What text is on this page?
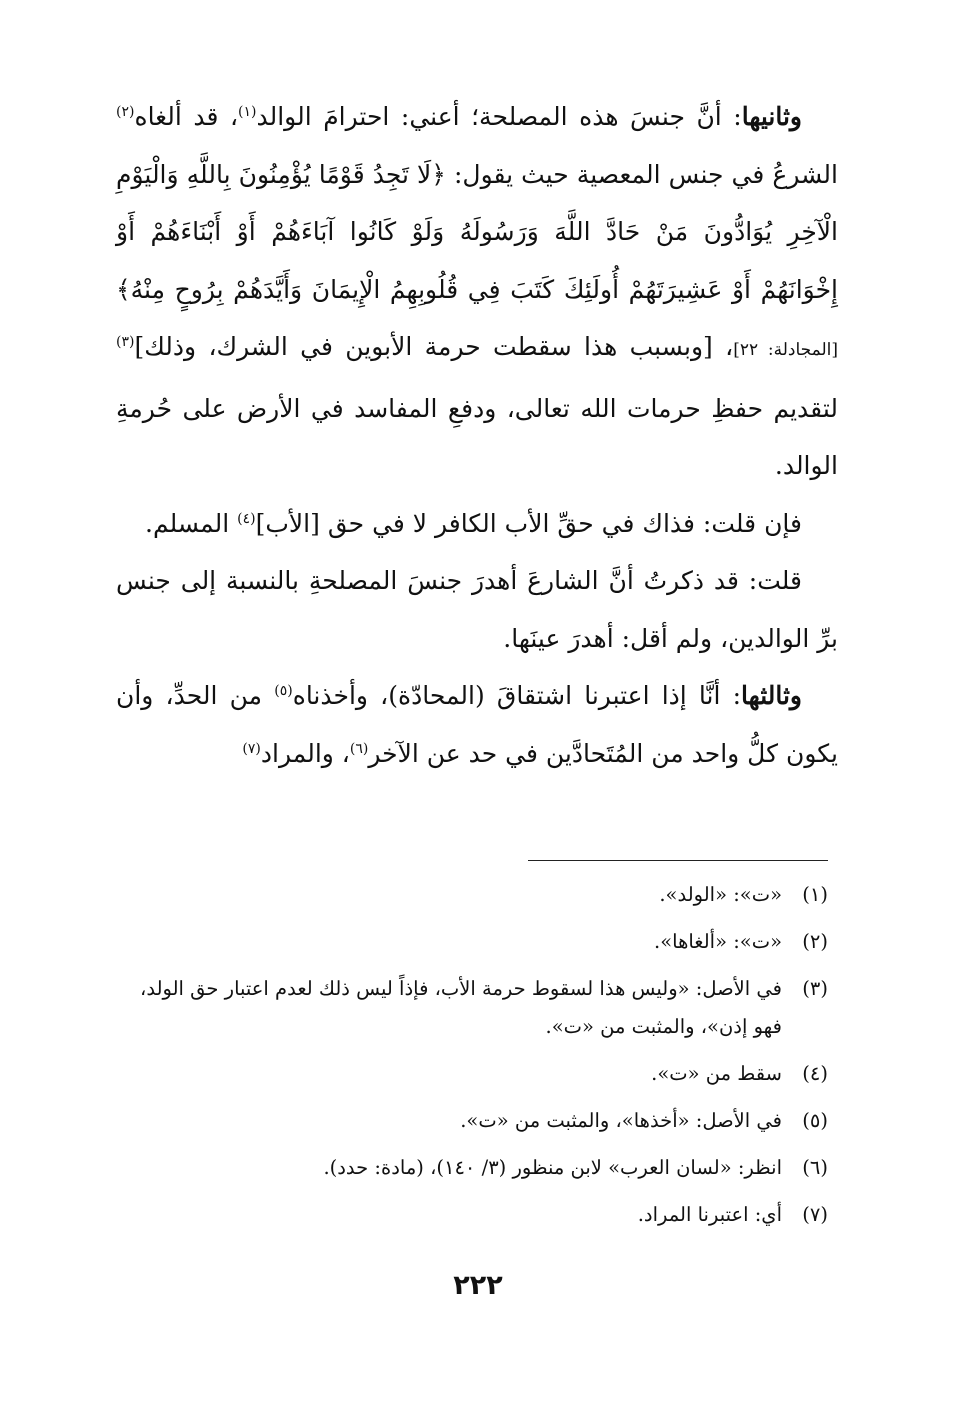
وثانيها: أنَّ جنسَ هذه المصلحة؛ أعني: احترامَ الوالد$^{(١)}$، قد ألغاه$^{(٢)}$ الشرعُ في جنس المعصية حيث يقول: ﴿لَا تَجِدُ قَوْمًا يُؤْمِنُونَ بِاللَّهِ وَالْيَوْمِ الْآخِرِ يُوَادُّونَ مَنْ حَادَّ اللَّهَ وَرَسُولَهُ وَلَوْ كَانُوا آبَاءَهُمْ أَوْ أَبْنَاءَهُمْ أَوْ إِخْوَانَهُمْ أَوْ عَشِيرَتَهُمْ أُولَئِكَ كَتَبَ فِي قُلُوبِهِمُ الْإِيمَانَ وَأَيَّدَهُمْ بِرُوحٍ مِنْهُ﴾[المجادلة: ٢٢]، [وبسبب هذا سقطت حرمة الأبوين في الشرك، وذلك]$^{(٣)}$ لتقديم حفظِ حرمات الله تعالى، ودفعِ المفاسد في الأرض على حُرمةِ الوالد.

فإن قلت: فذاك في حقِّ الأب الكافر لا في حق [الأب]$^{(٤)}$ المسلم.

قلت: قد ذكرتُ أنَّ الشارعَ أهدرَ جنسَ المصلحةِ بالنسبة إلى جنس برِّ الوالدين، ولم أقل: أهدرَ عينَها.

وثالثها: أنَّا إذا اعتبرنا اشتقاقَ (المحادّة)، وأخذناه$^{(٥)}$ من الحدِّ، وأن يكون كلُّ واحد من المُتَحادَّين في حد عن الآخر$^{(٦)}$، والمراد$^{(٧)}$

(١)
«ت»: «الولد».
(٢)
«ت»: «ألغاها».
(٣)
في الأصل: «وليس هذا لسقوط حرمة الأب، فإذاً ليس ذلك لعدم اعتبار حق الولد، فهو إذن»، والمثبت من «ت».
(٤)
سقط من «ت».
(٥)
في الأصل: «أخذها»، والمثبت من «ت».
(٦)
انظر: «لسان العرب» لابن منظور (٣/ ١٤٠)، (مادة: حدد).
(٧)
أي: اعتبرنا المراد.
٢٢٢
